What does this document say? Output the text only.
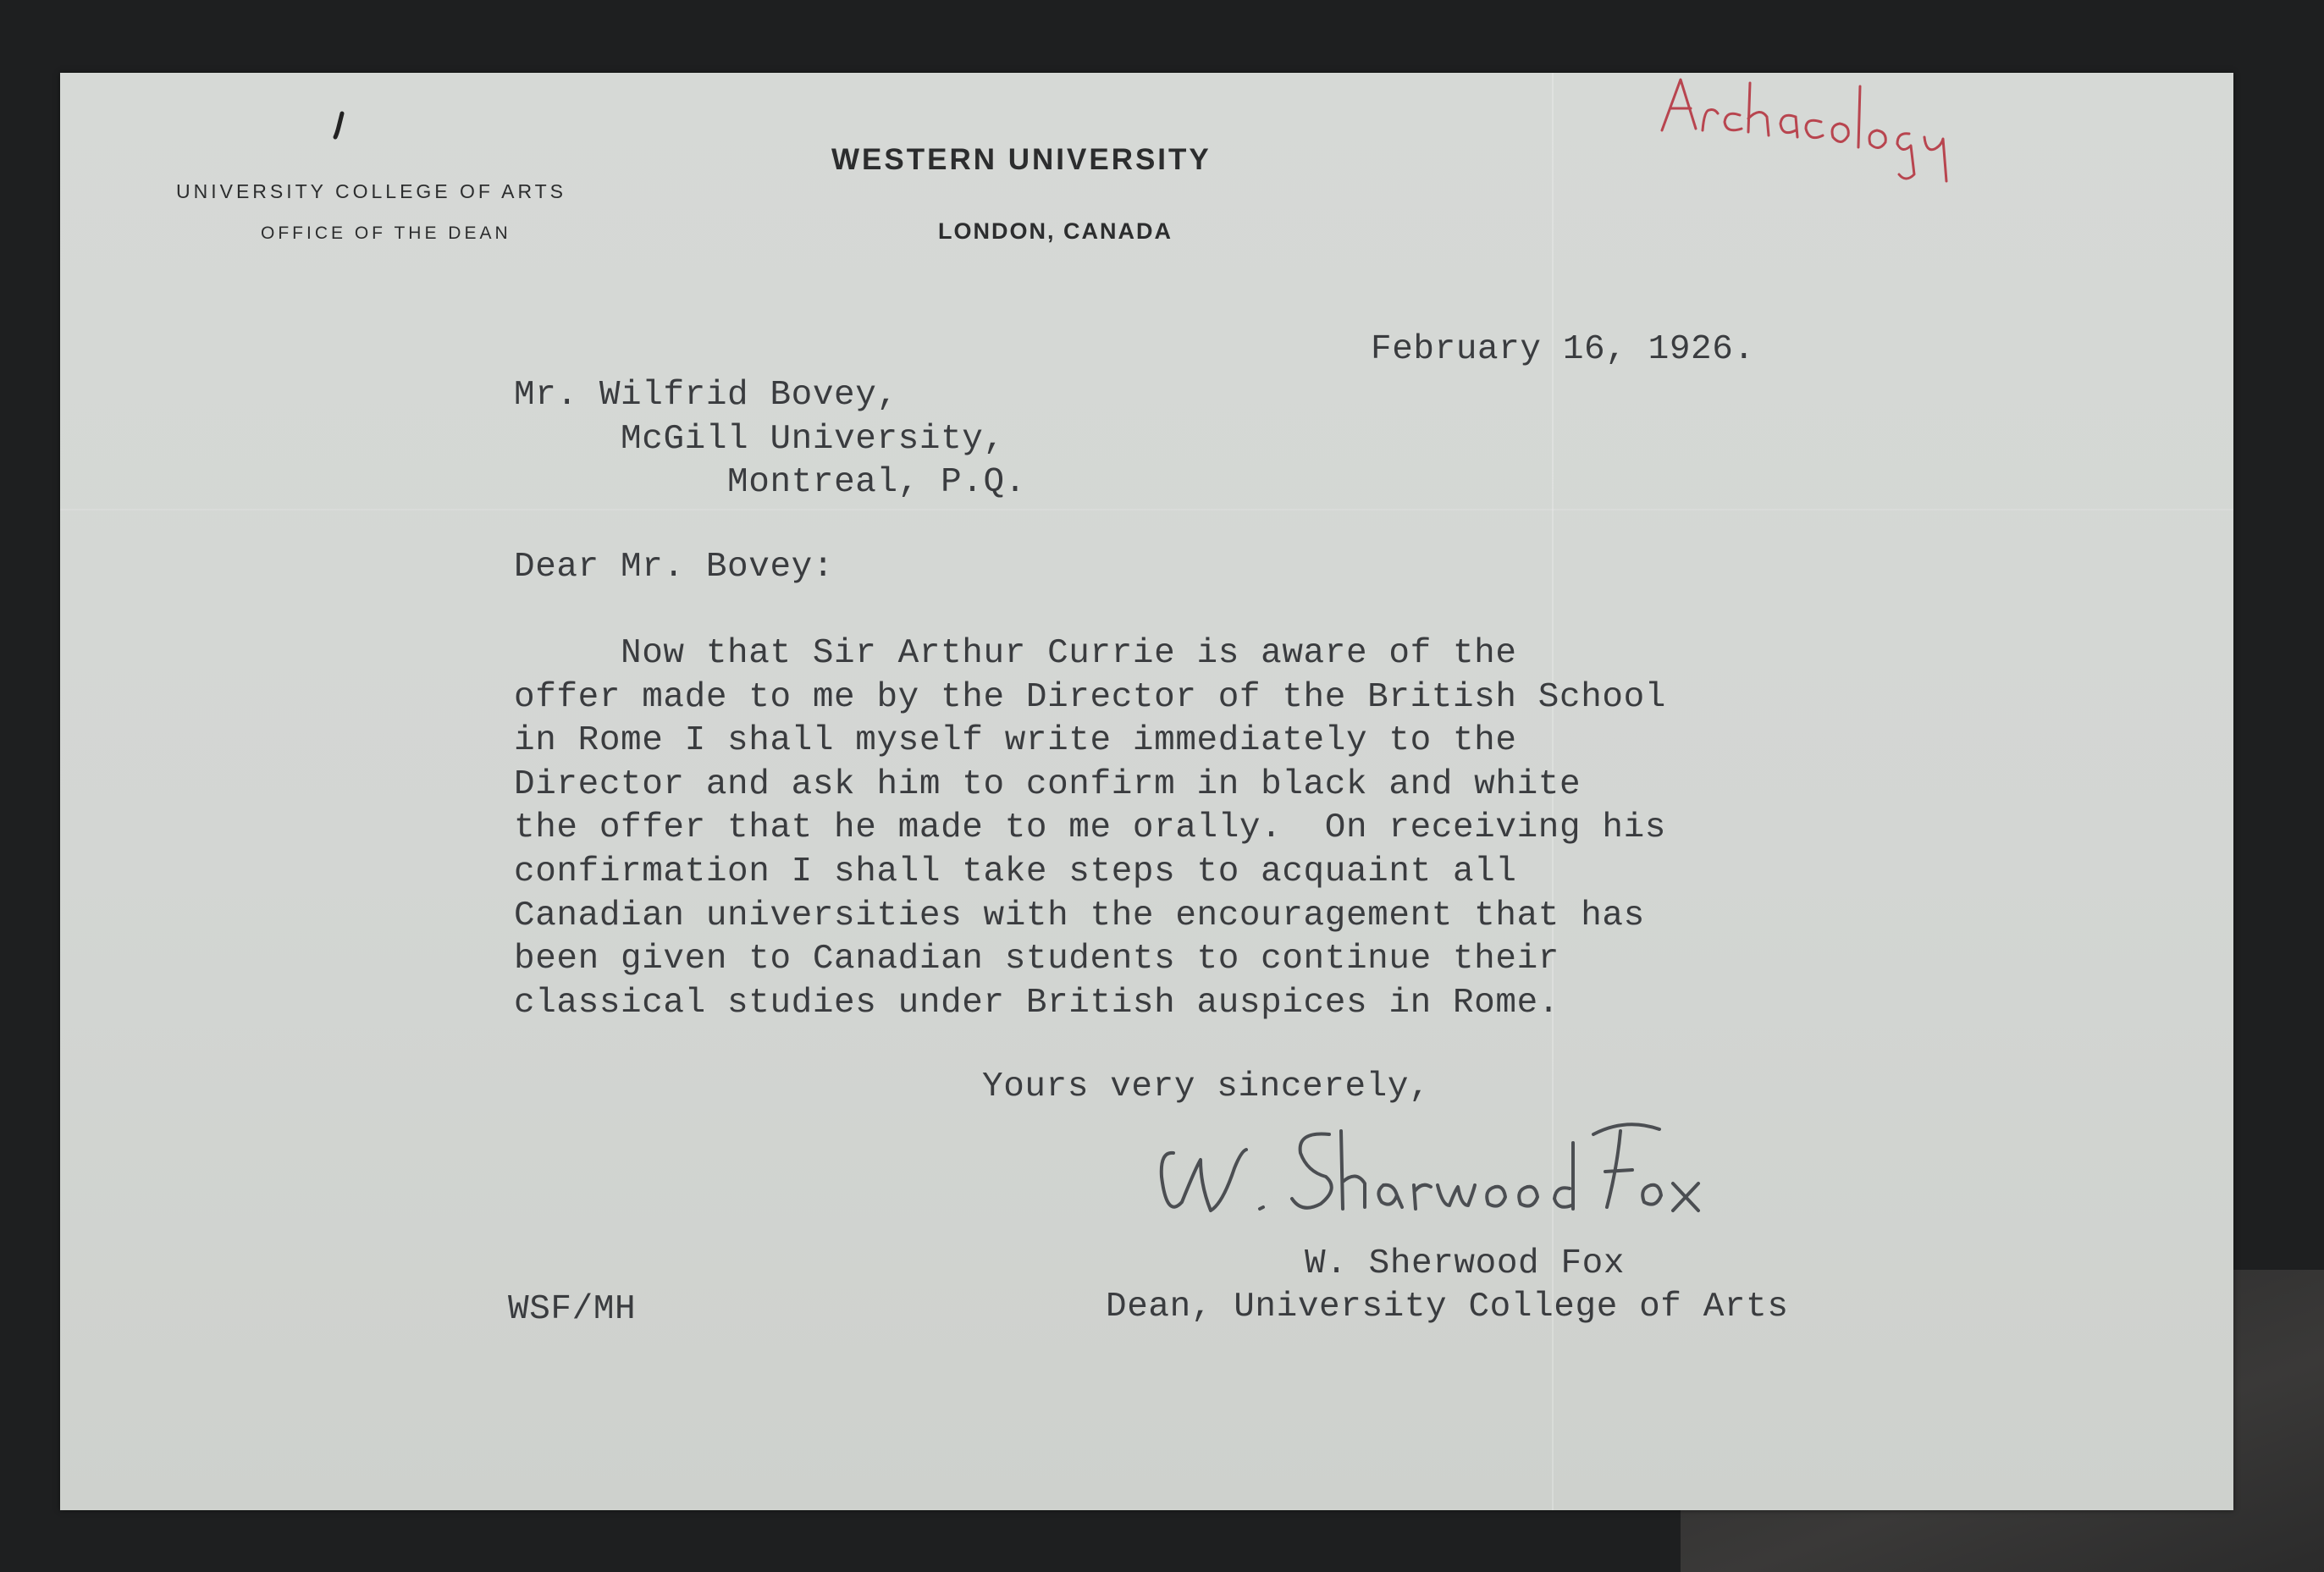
UNIVERSITY COLLEGE OF ARTS
OFFICE OF THE DEAN
WESTERN UNIVERSITY
LONDON, CANADA
February 16, 1926.
Mr. Wilfrid Bovey,
McGill University,
Montreal, P.Q.
Dear Mr. Bovey:
Now that Sir Arthur Currie is aware of the
offer made to me by the Director of the British School
in Rome I shall myself write immediately to the
Director and ask him to confirm in black and white
the offer that he made to me orally.  On receiving his
confirmation I shall take steps to acquaint all
Canadian universities with the encouragement that has
been given to Canadian students to continue their
classical studies under British auspices in Rome.
Yours very sincerely,
W. Sherwood Fox
Dean, University College of Arts
WSF/MH
